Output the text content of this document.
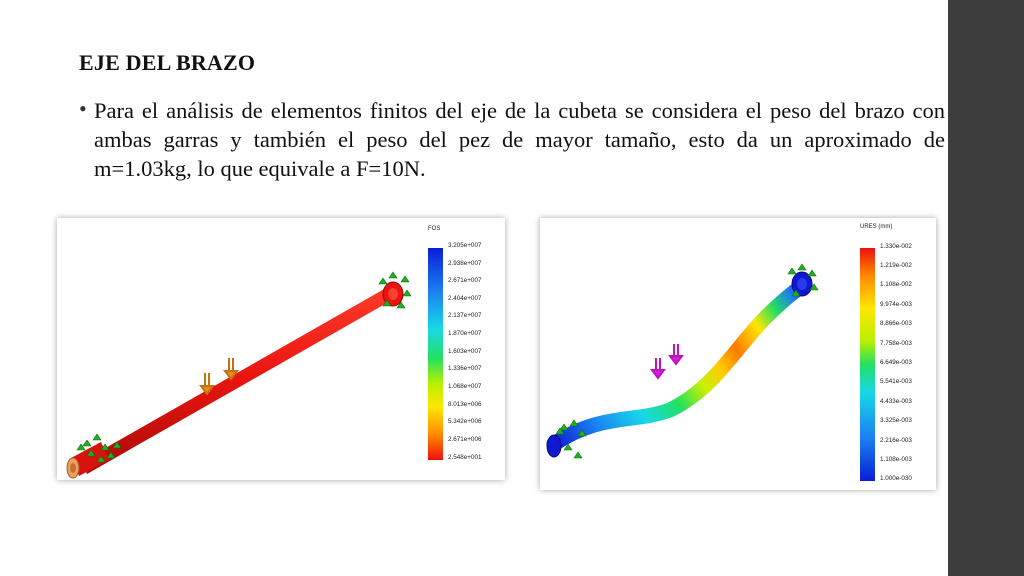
EJE DEL BRAZO
• Para el análisis de elementos finitos del eje de la cubeta se considera el peso del brazo con ambas garras y también el peso del pez de mayor tamaño, esto da un aproximado de m=1.03kg, lo que equivale a F=10N.
FOS
3.205e+007
2.938e+007
2.671e+007
2.404e+007
2.137e+007
1.870e+007
1.603e+007
1.336e+007
1.068e+007
8.013e+006
5.342e+006
2.671e+006
2.548e+001
URES (mm)
1.330e-002
1.219e-002
1.108e-002
9.974e-003
8.866e-003
7.758e-003
6.649e-003
5.541e-003
4.433e-003
3.325e-003
2.216e-003
1.108e-003
1.000e-030
